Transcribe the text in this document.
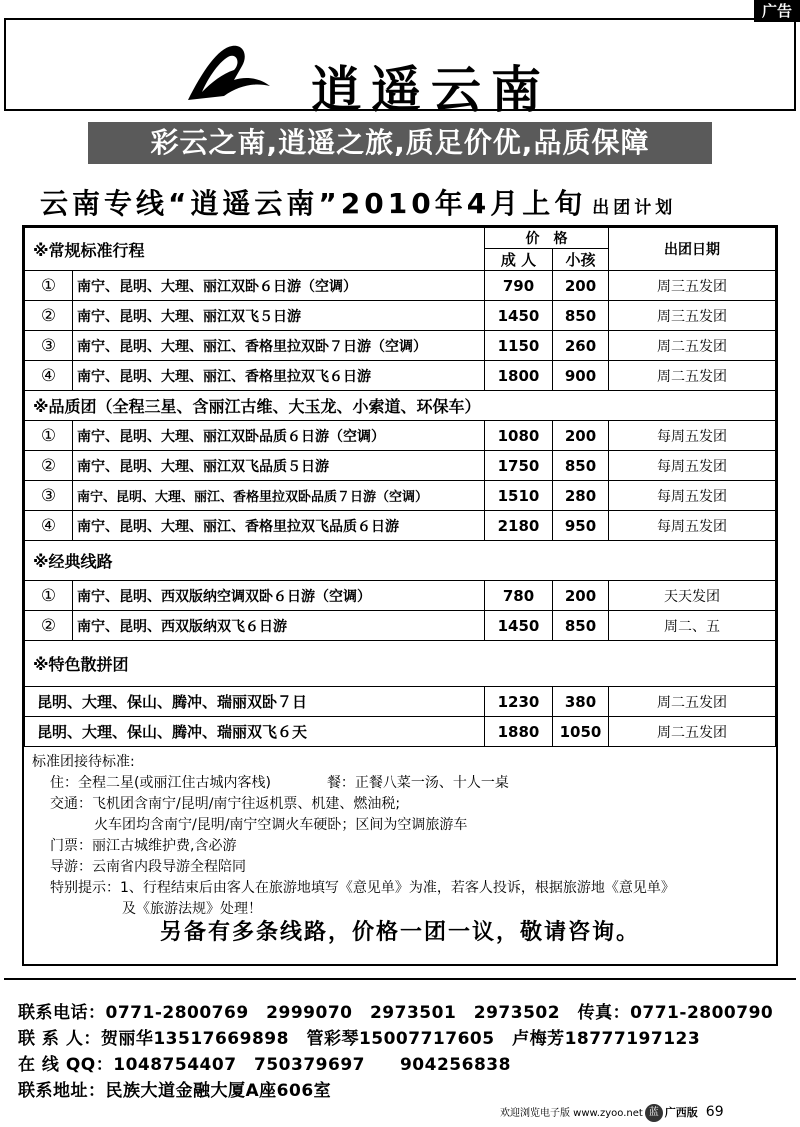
广告
逍遥云南
彩云之南,逍遥之旅,质足价优,品质保障
云南专线“逍遥云南”2010年4月上旬 出团计划
※常规标准行程		价　格		出团日期
		成 人	小孩	
①	南宁、昆明、大理、丽江双卧６日游（空调）	790	200	周三五发团
②	南宁、昆明、大理、丽江双飞５日游	1450	850	周三五发团
③	南宁、昆明、大理、丽江、香格里拉双卧７日游（空调）	1150	260	周二五发团
④	南宁、昆明、大理、丽江、香格里拉双飞６日游	1800	900	周二五发团
※品质团（全程三星、含丽江古维、大玉龙、小索道、环保车）				
①	南宁、昆明、大理、丽江双卧品质６日游（空调）	1080	200	每周五发团
②	南宁、昆明、大理、丽江双飞品质５日游	1750	850	每周五发团
③	南宁、昆明、大理、丽江、香格里拉双卧品质７日游（空调）	1510	280	每周五发团
④	南宁、昆明、大理、丽江、香格里拉双飞品质６日游	2180	950	每周五发团
※经典线路				
①	南宁、昆明、西双版纳空调双卧６日游（空调）	780	200	天天发团
②	南宁、昆明、西双版纳双飞６日游	1450	850	周二、五
※特色散拼团				
昆明、大理、保山、腾冲、瑞丽双卧７日		1230	380	周二五发团
昆明、大理、保山、腾冲、瑞丽双飞６天		1880	1050	周二五发团
标准团接待标准:
住：全程二星(或丽江住古城内客栈)	餐：正餐八菜一汤、十人一桌
交通：飞机团含南宁/昆明/南宁往返机票、机建、燃油税;
火车团均含南宁/昆明/南宁空调火车硬卧；区间为空调旅游车
门票：丽江古城维护费,含必游
导游：云南省内段导游全程陪同
特别提示：1、行程结束后由客人在旅游地填写《意见单》为准，若客人投诉，根据旅游地《意见单》
及《旅游法规》处理！
另备有多条线路，价格一团一议，敬请咨询。
联系电话：0771-2800769　2999070　2973501　2973502　传真：0771-2800790
联 系 人：贺丽华13517669898　管彩琴15007717605　卢梅芳18777197123
在 线 QQ：1048754407　750379697　　904256838
联系地址：民族大道金融大厦A座606室
欢迎浏览电子版 www.zyoo.net 蓝 广西版 69
